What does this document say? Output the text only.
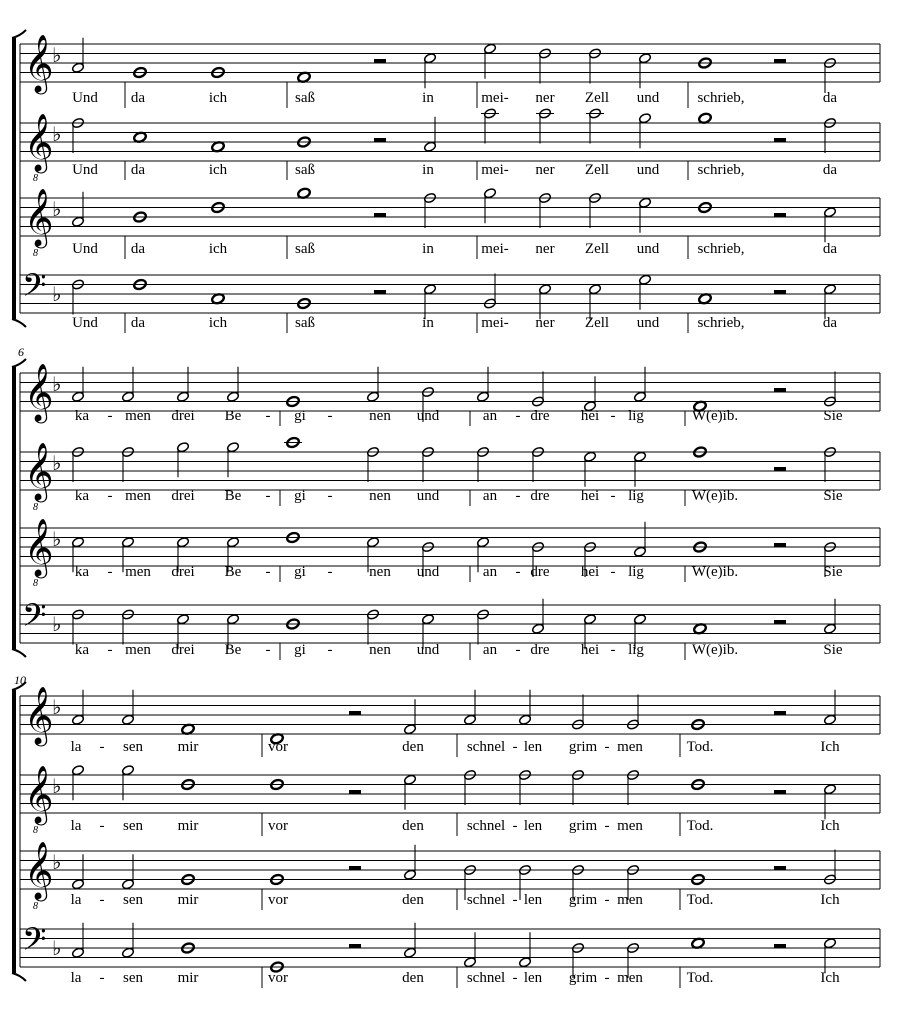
𝄞
♭
Und da	ich	saß	in	mei- ner Zell und	schrieb,	da
𝄞
8
♭
Und da	ich	saß	in	mei- ner Zell und	schrieb,	da
𝄞
8
♭
Und da	ich	saß	in	mei- ner Zell und	schrieb,	da
𝄢 ♭
Und da	ich	saß	in	mei- ner Zell und	schrieb,	da
6
𝄞
♭
ka - men drei Be - gi - nen und	an - dre hei - lig	W(e)ib.	Sie
𝄞
8
♭
ka - men drei Be - gi - nen und	an - dre hei - lig	W(e)ib.	Sie
𝄞
8
♭
ka - men drei Be - gi - nen und	an - dre hei - lig	W(e)ib.	Sie
𝄢 ♭
ka - men drei Be - gi - nen und	an - dre hei - lig	W(e)ib.	Sie
10
𝄞
♭
la - sen mir	vor	den	schnel - len grim - men	Tod.	Ich
𝄞
8
♭
la - sen mir	vor	den	schnel - len grim - men	Tod.	Ich
𝄞
8
♭
la - sen mir	vor	den	schnel - len grim - men	Tod.	Ich
𝄢 ♭
la - sen mir	vor	den	schnel - len grim - men	Tod.	Ich
